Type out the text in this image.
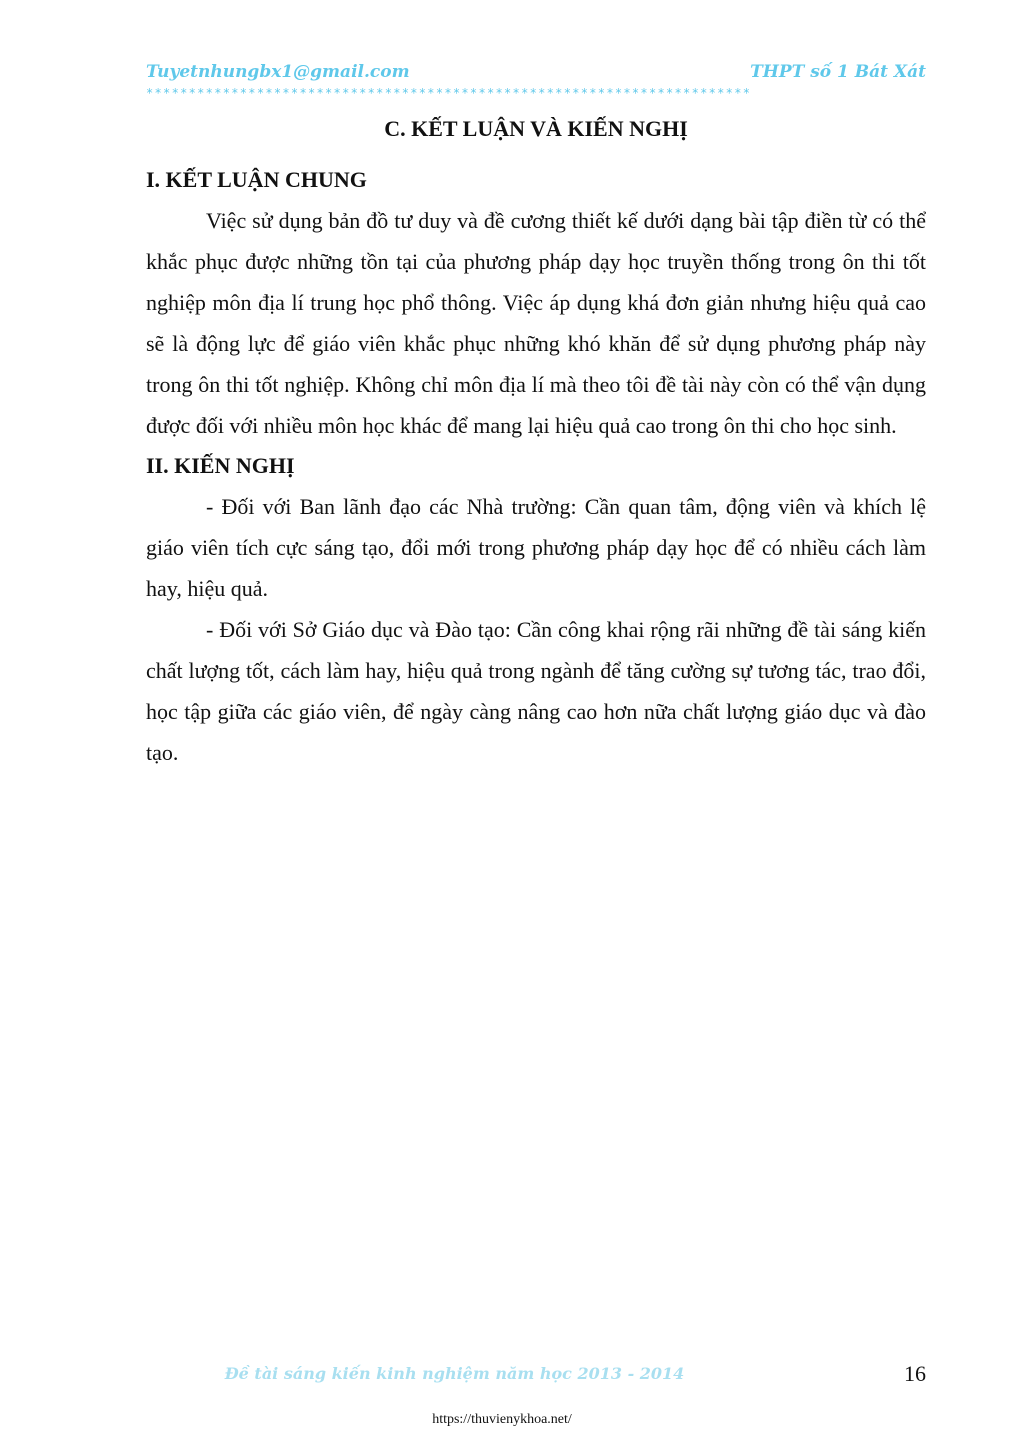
Tuyetnhungbx1@gmail.com	THPT số 1 Bát Xát
***********************************************************************
C. KẾT LUẬN VÀ KIẾN NGHỊ
I. KẾT LUẬN CHUNG

Việc sử dụng bản đồ tư duy và đề cương thiết kế dưới dạng bài tập điền từ có thể khắc phục được những tồn tại của phương pháp dạy học truyền thống trong ôn thi tốt nghiệp môn địa lí trung học phổ thông. Việc áp dụng khá đơn giản nhưng hiệu quả cao sẽ là động lực để giáo viên khắc phục những khó khăn để sử dụng phương pháp này trong ôn thi tốt nghiệp. Không chỉ môn địa lí mà theo tôi đề tài này còn có thể vận dụng được đối với nhiều môn học khác để mang lại hiệu quả cao trong ôn thi cho học sinh.

II. KIẾN NGHỊ

- Đối với Ban lãnh đạo các Nhà trường: Cần quan tâm, động viên và khích lệ giáo viên tích cực sáng tạo, đổi mới trong phương pháp dạy học để có nhiều cách làm hay, hiệu quả.

- Đối với Sở Giáo dục và Đào tạo: Cần công khai rộng rãi những đề tài sáng kiến chất lượng tốt, cách làm hay, hiệu quả trong ngành để tăng cường sự tương tác, trao đổi, học tập giữa các giáo viên, để ngày càng nâng cao hơn nữa chất lượng giáo dục và đào tạo.

Đề tài sáng kiến kinh nghiệm năm học 2013 - 2014	16
https://thuvienykhoa.net/
